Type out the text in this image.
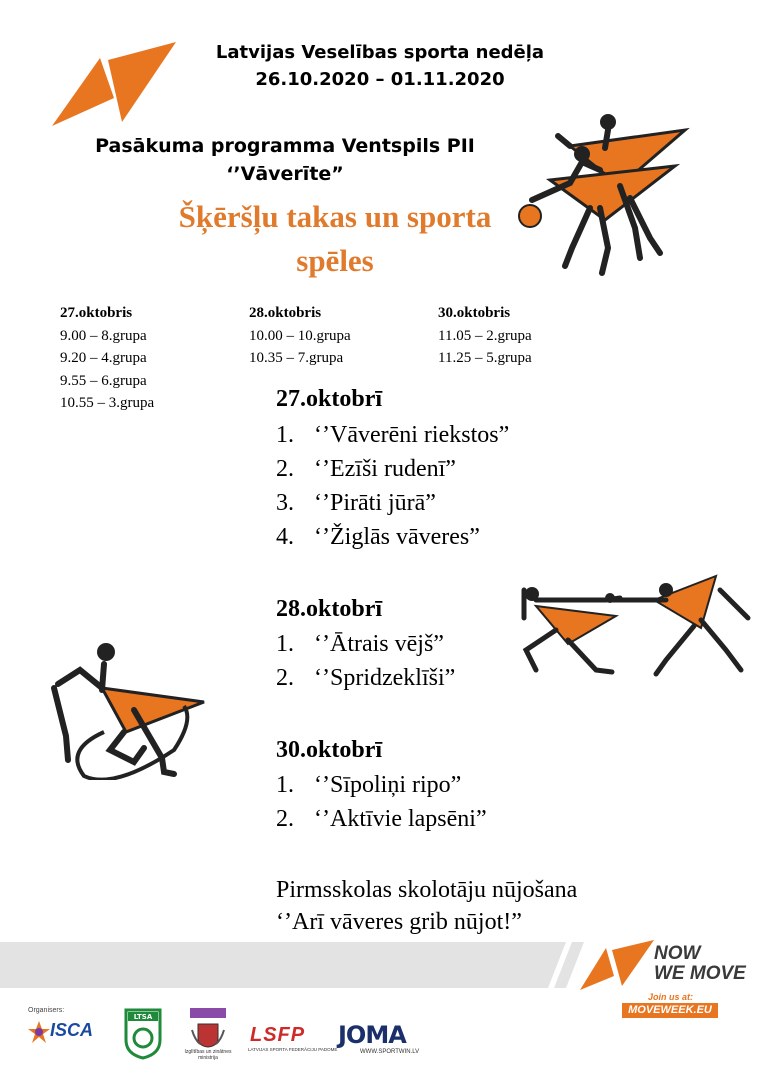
Latvijas Veselības sporta nedēļa
26.10.2020 – 01.11.2020
Pasākuma programma Ventspils PII
‘’Vāverīte”
Šķēršļu takas un sporta
spēles
27.oktobris
9.00 – 8.grupa
9.20 – 4.grupa
9.55 – 6.grupa
10.55 – 3.grupa
28.oktobris
10.00 – 10.grupa
10.35 – 7.grupa
30.oktobris
11.05 – 2.grupa
11.25 – 5.grupa
27.oktobrī
1. ‘’Vāverēni riekstos”
2. ‘’Ezīši rudenī”
3. ‘’Pirāti jūrā”
4. ‘’Žiglās vāveres”
28.oktobrī
1. ‘’Ātrais vējš”
2. ‘’Spridzeklīši”
30.oktobrī
1. ‘’Sīpoliņi ripo”
2. ‘’Aktīvie lapsēni”
Pirmsskolas skolotāju nūjošana
‘’Arī vāveres grib nūjot!”
NOW
WE MOVE
Join us at:
MOVEWEEK.EU
Organisers:
ISCA
LTSA
Izglītības un zinātnes ministrija
LSFP
LATVIJAS SPORTA FEDERĀCIJU PADOME
JOMA
WWW.SPORTWIN.LV
